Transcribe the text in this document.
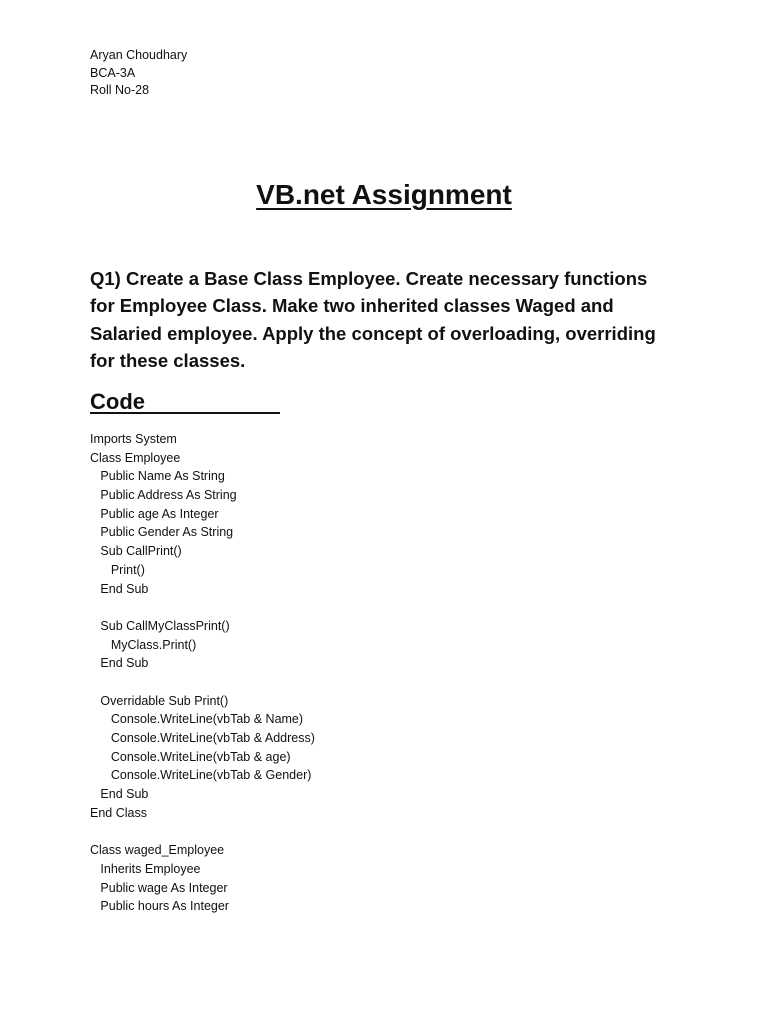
Aryan Choudhary
BCA-3A
Roll No-28
VB.net Assignment
Q1) Create a Base Class Employee. Create necessary functions for Employee Class. Make two inherited classes Waged and Salaried employee. Apply the concept of overloading, overriding for these classes.
Code
Imports System
Class Employee
Public Name As String
Public Address As String
Public age As Integer
Public Gender As String
Sub CallPrint()
Print()
End Sub
Sub CallMyClassPrint()
MyClass.Print()
End Sub
Overridable Sub Print()
Console.WriteLine(vbTab & Name)
Console.WriteLine(vbTab & Address)
Console.WriteLine(vbTab & age)
Console.WriteLine(vbTab & Gender)
End Sub
End Class
Class waged_Employee
Inherits Employee
Public wage As Integer
Public hours As Integer
